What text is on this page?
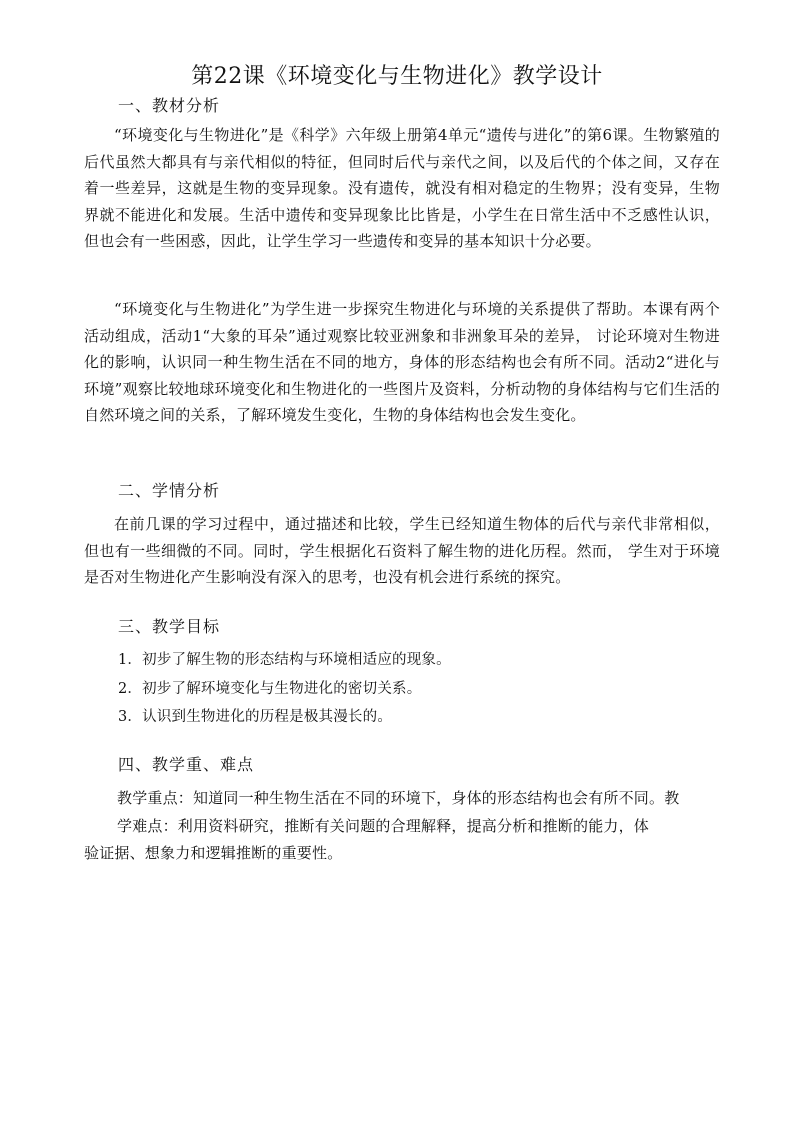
第22课《环境变化与生物进化》教学设计
一、教材分析

“环境变化与生物进化”是《科学》六年级上册第4单元“遗传与进化”的第6课。生物繁殖的后代虽然大都具有与亲代相似的特征，但同时后代与亲代之间，以及后代的个体之间，又存在着一些差异，这就是生物的变异现象。没有遗传，就没有相对稳定的生物界；没有变异，生物界就不能进化和发展。生活中遗传和变异现象比比皆是，小学生在日常生活中不乏感性认识，但也会有一些困惑，因此，让学生学习一些遗传和变异的基本知识十分必要。

“环境变化与生物进化”为学生进一步探究生物进化与环境的关系提供了帮助。本课有两个活动组成，活动1“大象的耳朵”通过观察比较亚洲象和非洲象耳朵的差异， 讨论环境对生物进化的影响，认识同一种生物生活在不同的地方，身体的形态结构也会有所不同。活动2“进化与环境”观察比较地球环境变化和生物进化的一些图片及资料，分析动物的身体结构与它们生活的自然环境之间的关系，了解环境发生变化，生物的身体结构也会发生变化。

二、学情分析

在前几课的学习过程中，通过描述和比较，学生已经知道生物体的后代与亲代非常相似，但也有一些细微的不同。同时，学生根据化石资料了解生物的进化历程。然而， 学生对于环境是否对生物进化产生影响没有深入的思考，也没有机会进行系统的探究。

三、教学目标
1．初步了解生物的形态结构与环境相适应的现象。
2．初步了解环境变化与生物进化的密切关系。
3．认识到生物进化的历程是极其漫长的。
四、教学重、难点
教学重点：知道同一种生物生活在不同的环境下，身体的形态结构也会有所不同。教
学难点：利用资料研究，推断有关问题的合理解释，提高分析和推断的能力，体
验证据、想象力和逻辑推断的重要性。
